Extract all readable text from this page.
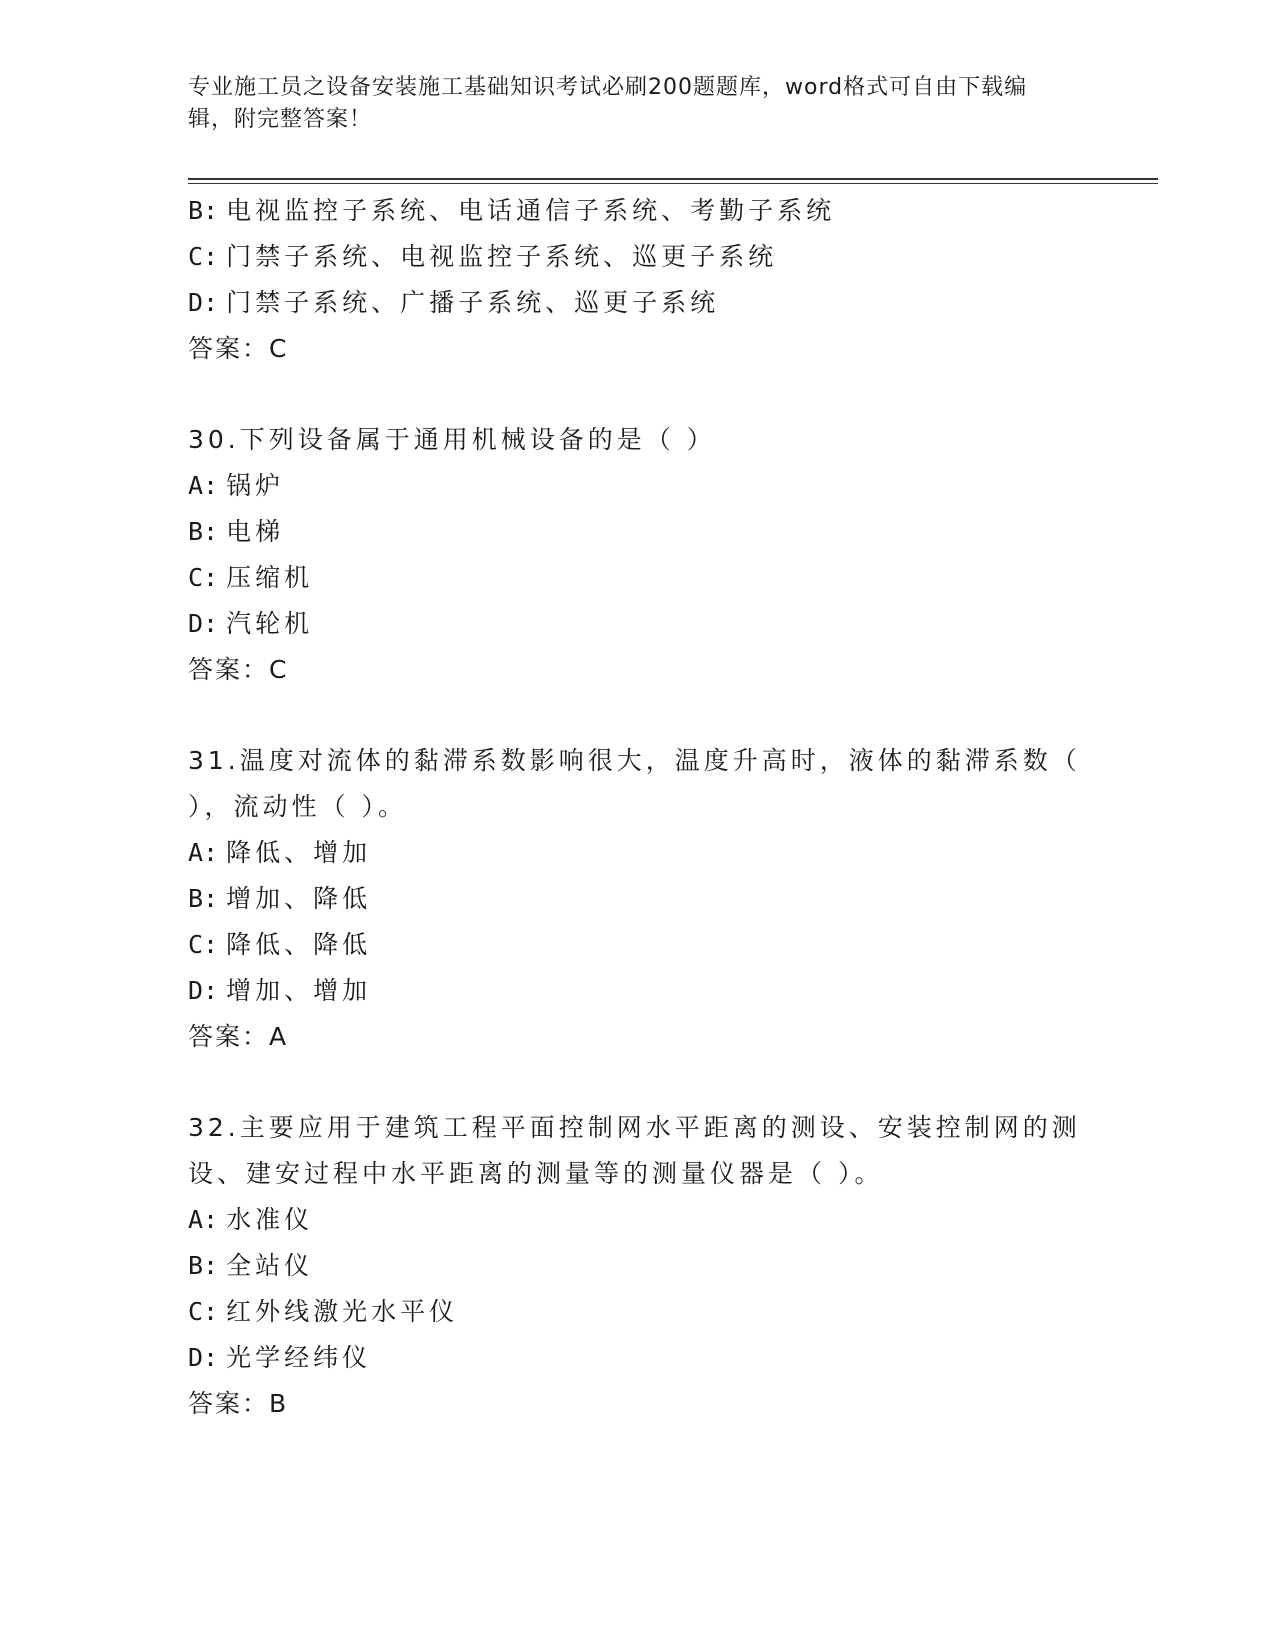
专业施工员之设备安装施工基础知识考试必刷200题题库，word格式可自由下载编辑，附完整答案！
B: 电视监控子系统、电话通信子系统、考勤子系统
C: 门禁子系统、电视监控子系统、巡更子系统
D: 门禁子系统、广播子系统、巡更子系统
答案：C
30.下列设备属于通用机械设备的是（ ）
A: 锅炉
B: 电梯
C: 压缩机
D: 汽轮机
答案：C
31.温度对流体的黏滞系数影响很大，温度升高时，液体的黏滞系数（ ），流动性（ ）。
A: 降低、增加
B: 增加、降低
C: 降低、降低
D: 增加、增加
答案：A
32.主要应用于建筑工程平面控制网水平距离的测设、安装控制网的测设、建安过程中水平距离的测量等的测量仪器是（ ）。
A: 水准仪
B: 全站仪
C: 红外线激光水平仪
D: 光学经纬仪
答案：B
